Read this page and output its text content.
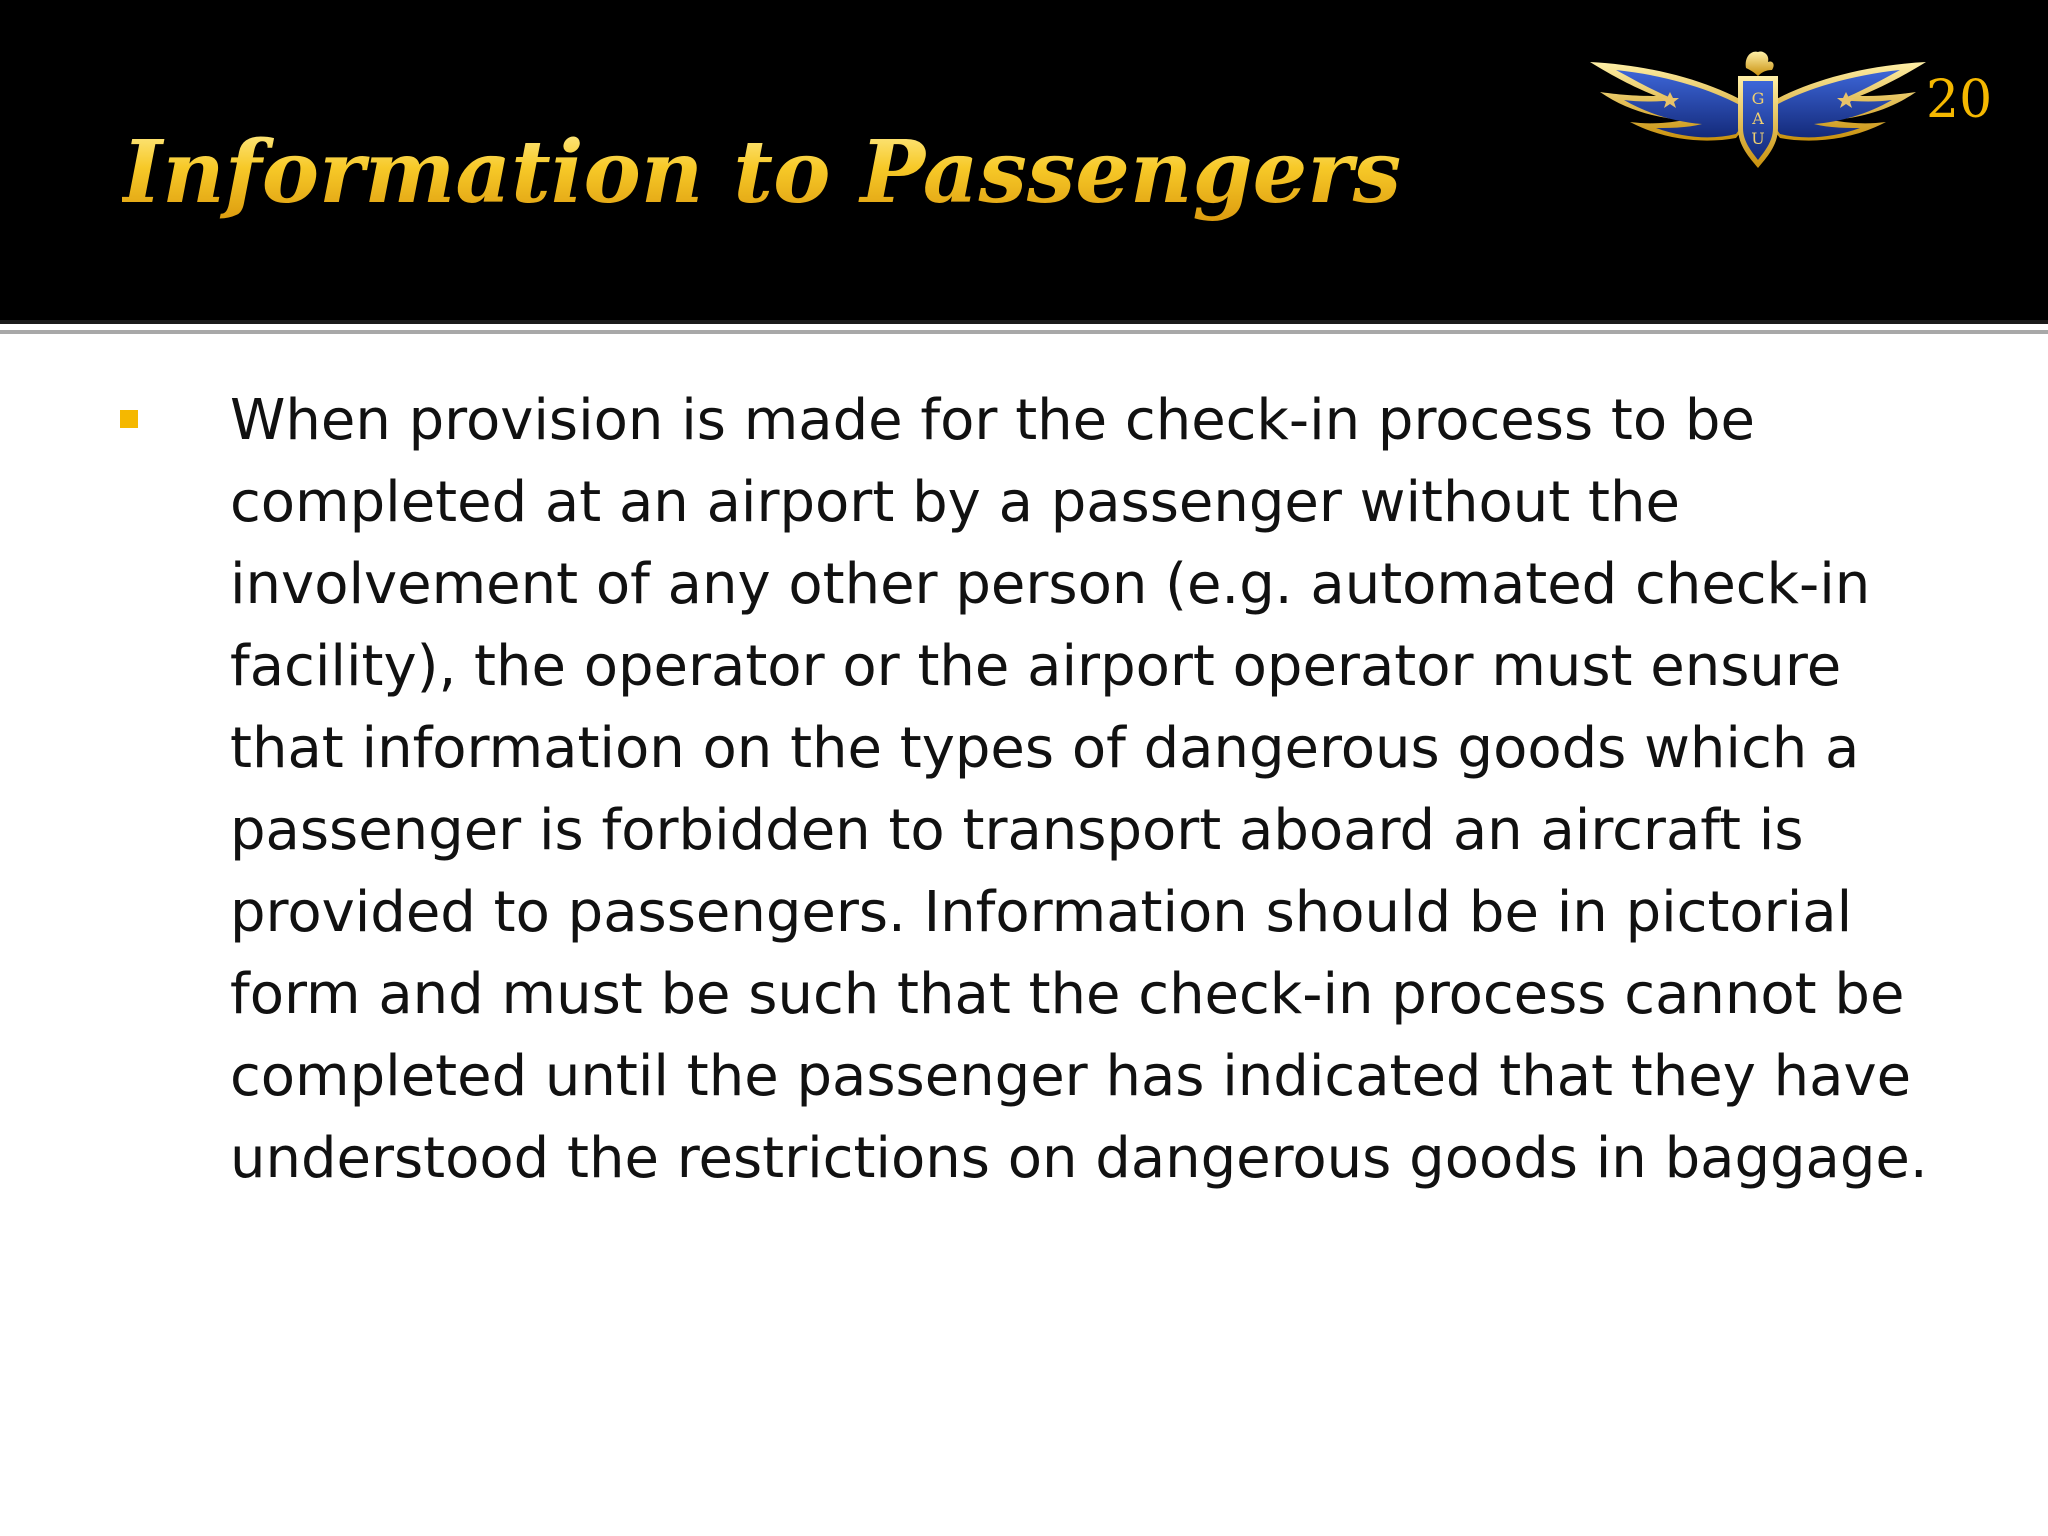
Information to Passengers
G
A
U
20

When provision is made for the check-in process to be
completed at an airport by a passenger without the
involvement of any other person (e.g. automated check-in
facility), the operator or the airport operator must ensure
that information on the types of dangerous goods which a
passenger is forbidden to transport aboard an aircraft is
provided to passengers. Information should be in pictorial
form and must be such that the check-in process cannot be
completed until the passenger has indicated that they have
understood the restrictions on dangerous goods in baggage.
